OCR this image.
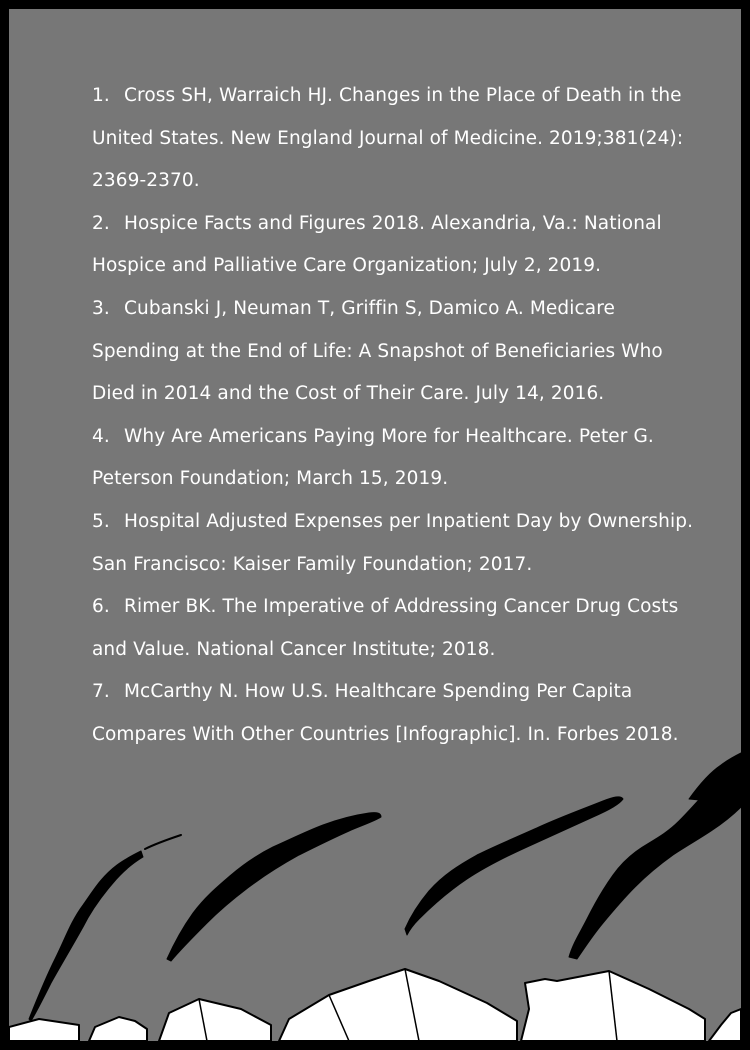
1. Cross SH, Warraich HJ. Changes in the Place of Death in the United States. New England Journal of Medicine. 2019;381(24): 2369-2370.
2. Hospice Facts and Figures 2018. Alexandria, Va.: National Hospice and Palliative Care Organization; July 2, 2019.
3. Cubanski J, Neuman T, Griffin S, Damico A. Medicare Spending at the End of Life: A Snapshot of Beneficiaries Who Died in 2014 and the Cost of Their Care. July 14, 2016.
4. Why Are Americans Paying More for Healthcare. Peter G. Peterson Foundation; March 15, 2019.
5. Hospital Adjusted Expenses per Inpatient Day by Ownership. San Francisco: Kaiser Family Foundation; 2017.
6. Rimer BK. The Imperative of Addressing Cancer Drug Costs and Value. National Cancer Institute; 2018.
7. McCarthy N. How U.S. Healthcare Spending Per Capita Compares With Other Countries [Infographic]. In. Forbes 2018.
